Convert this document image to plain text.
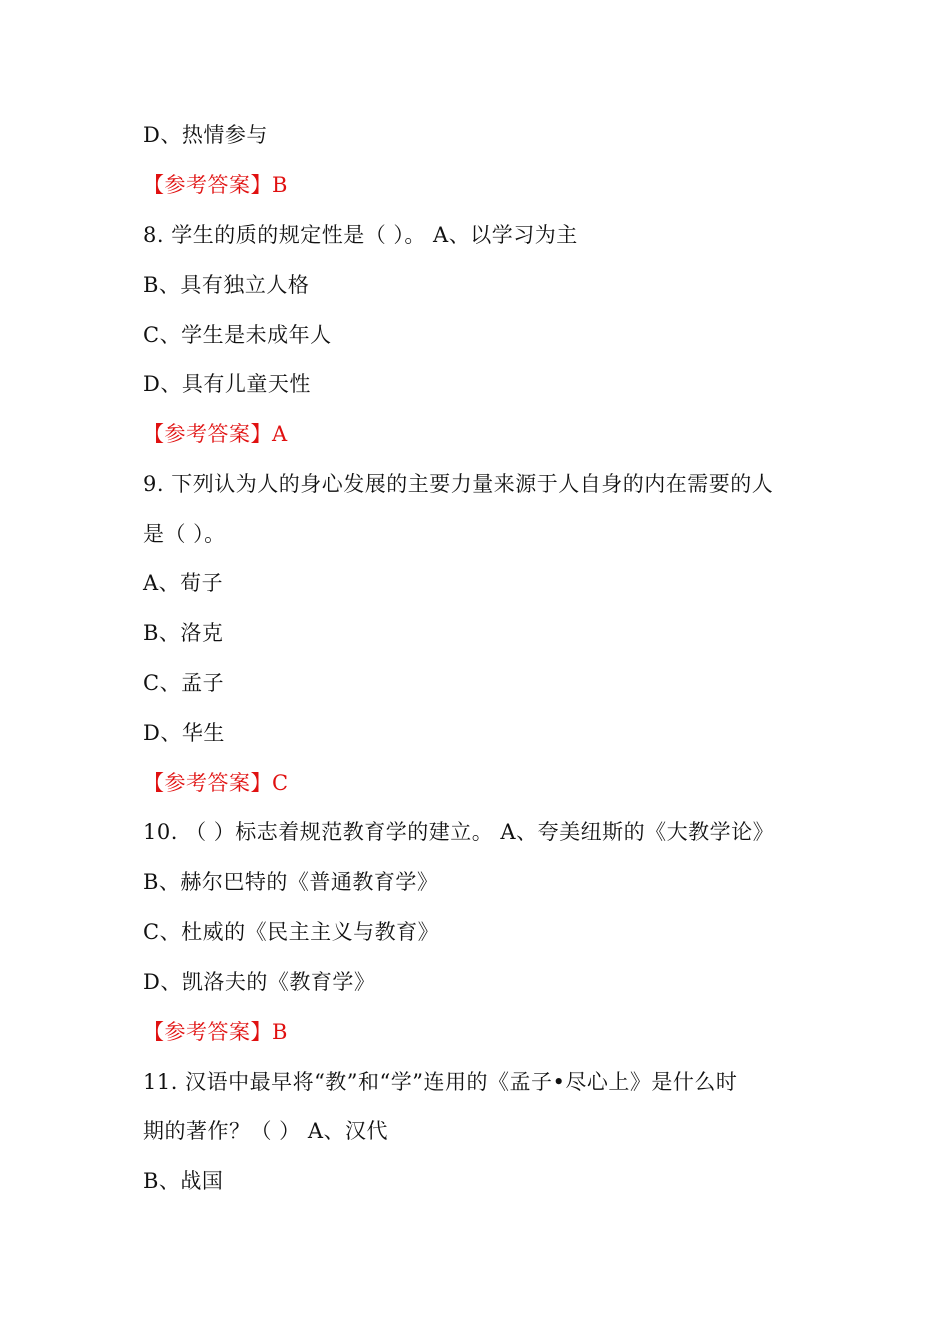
D、热情参与
【参考答案】B
8. 学生的质的规定性是（ ）。 A、以学习为主
B、具有独立人格
C、学生是未成年人
D、具有儿童天性
【参考答案】A
9. 下列认为人的身心发展的主要力量来源于人自身的内在需要的人
是（ ）。
A、荀子
B、洛克
C、孟子
D、华生
【参考答案】C
10. （ ）标志着规范教育学的建立。 A、夸美纽斯的《大教学论》
B、赫尔巴特的《普通教育学》
C、杜威的《民主主义与教育》
D、凯洛夫的《教育学》
【参考答案】B
11. 汉语中最早将“教”和“学”连用的《孟子•尽心上》是什么时
期的著作？（ ） A、汉代
B、战国
